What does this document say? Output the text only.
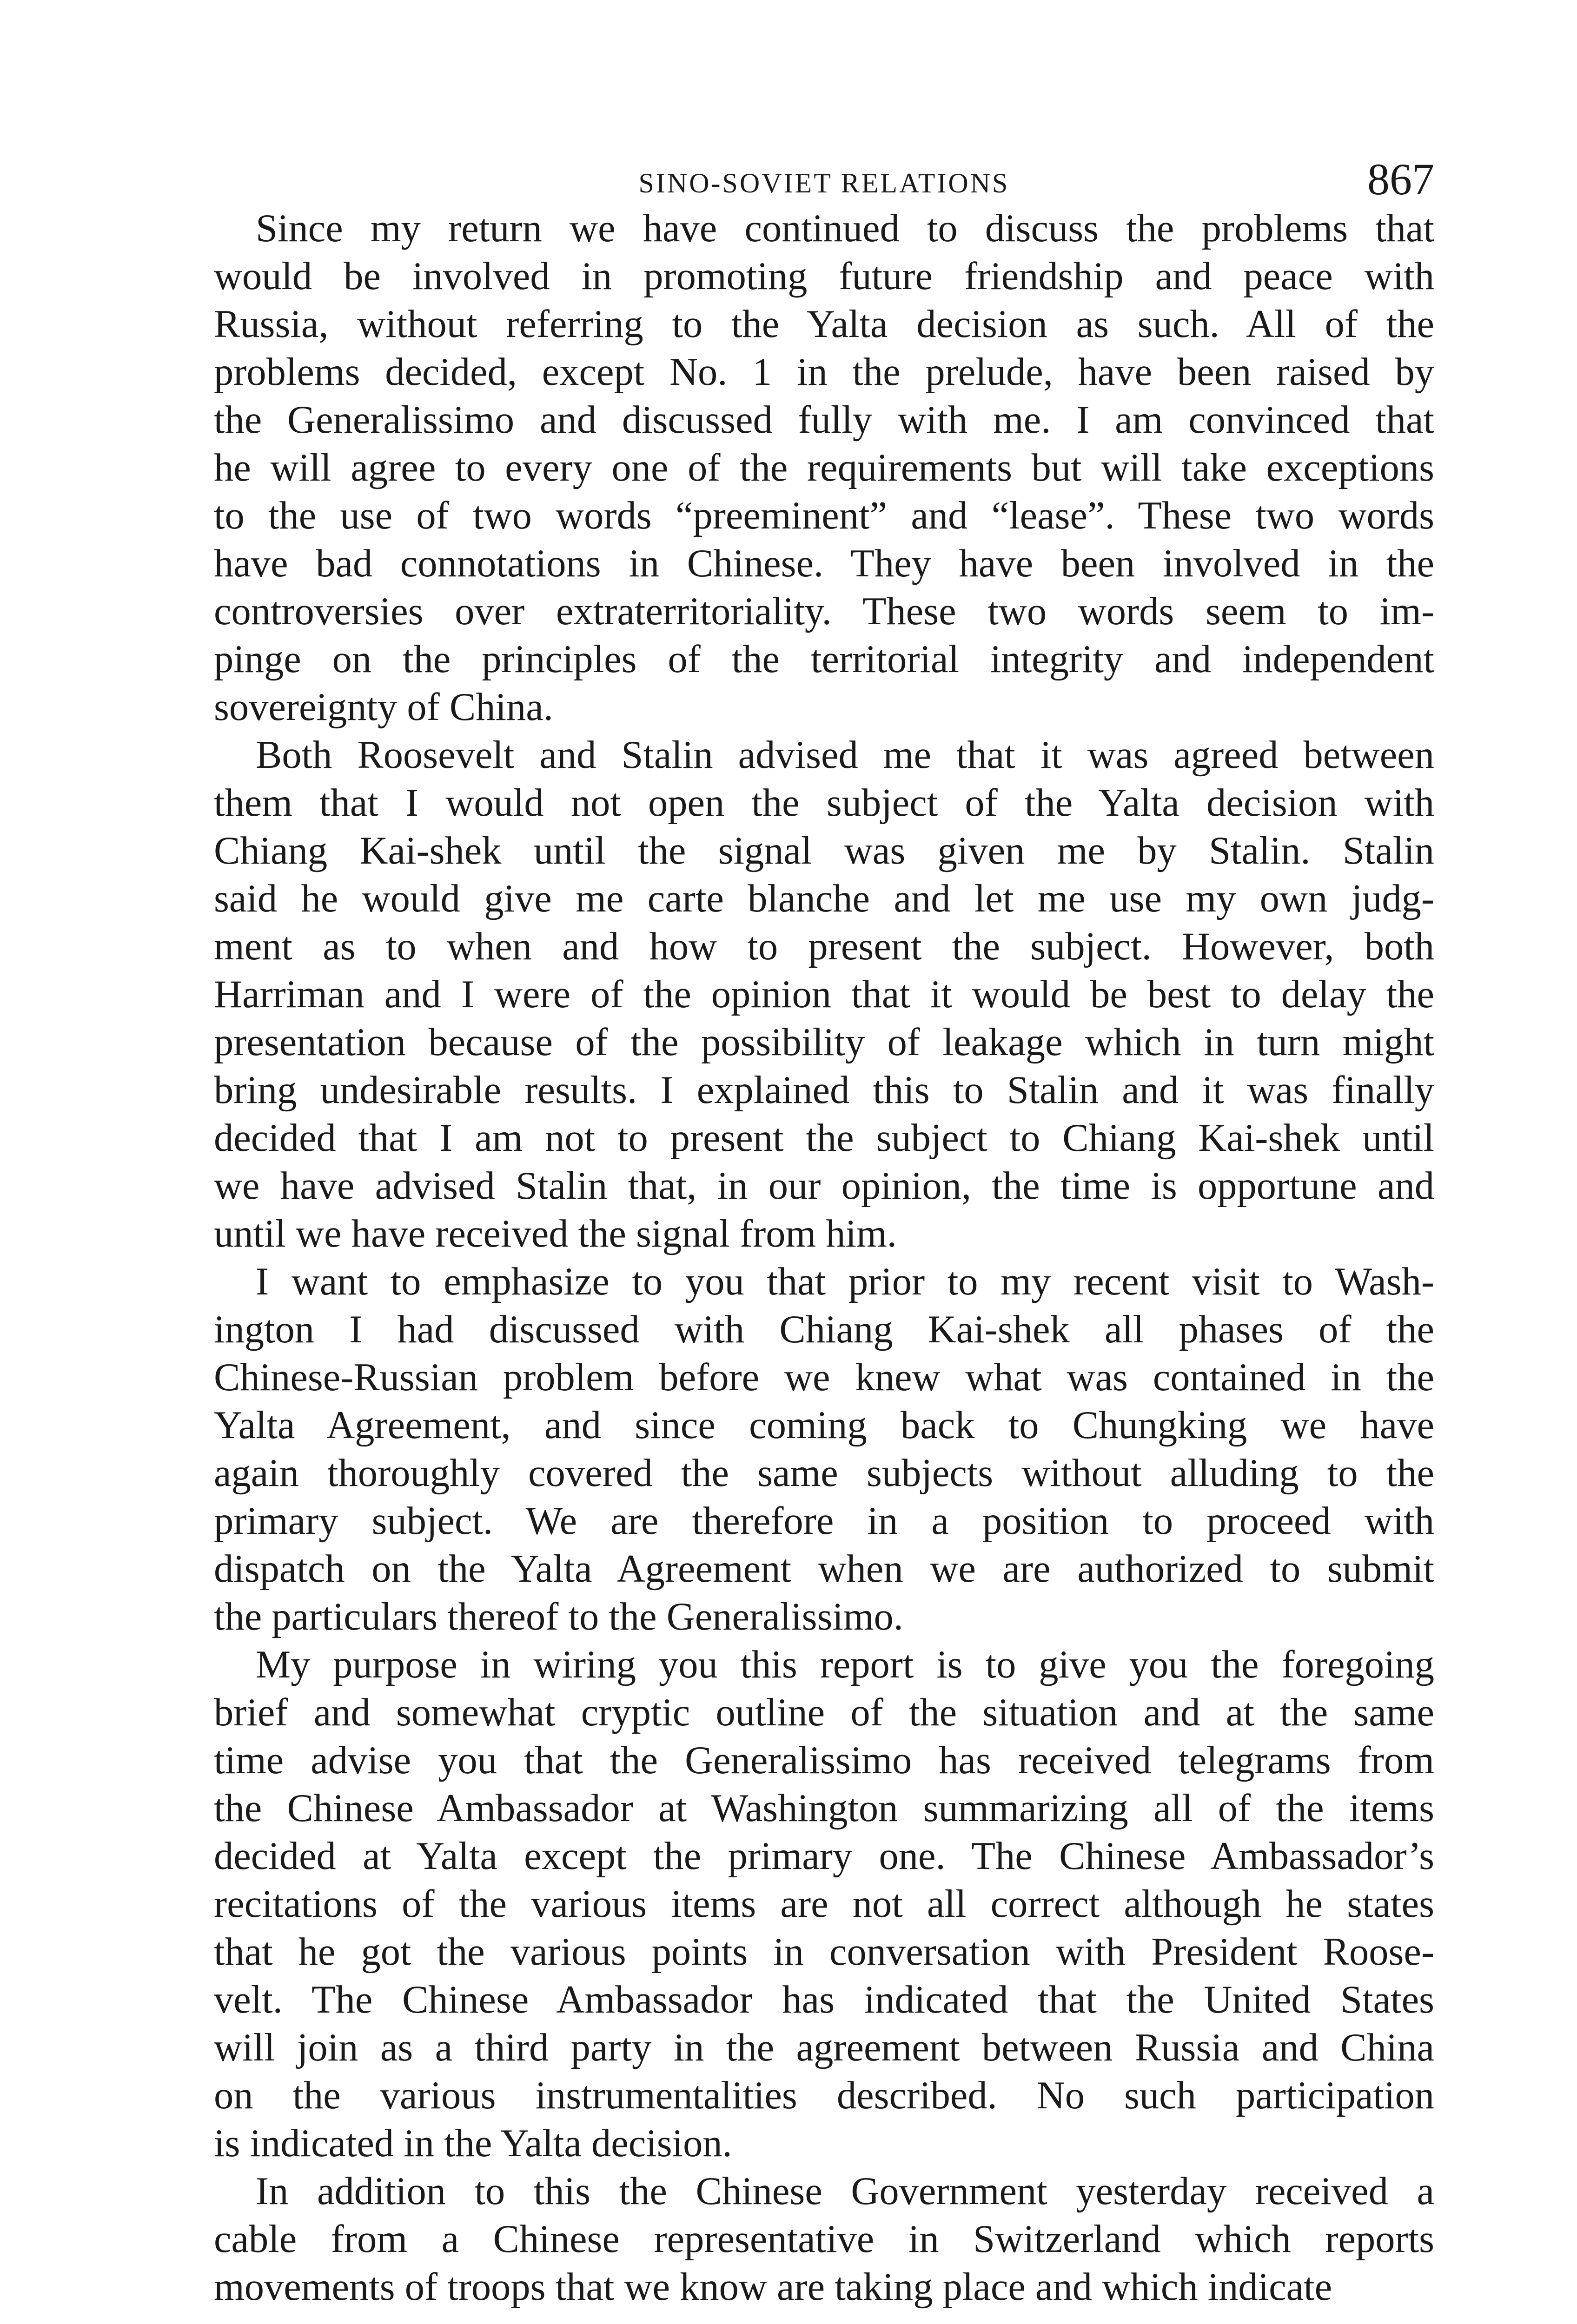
SINO-SOVIET RELATIONS	867
Since my return we have continued to discuss the problems that
would be involved in promoting future friendship and peace with
Russia, without referring to the Yalta decision as such. All of the
problems decided, except No. 1 in the prelude, have been raised by
the Generalissimo and discussed fully with me. I am convinced that
he will agree to every one of the requirements but will take exceptions
to the use of two words “preeminent” and “lease”. These two words
have bad connotations in Chinese. They have been involved in the
controversies over extraterritoriality. These two words seem to im-
pinge on the principles of the territorial integrity and independent
sovereignty of China.
Both Roosevelt and Stalin advised me that it was agreed between
them that I would not open the subject of the Yalta decision with
Chiang Kai-shek until the signal was given me by Stalin. Stalin
said he would give me carte blanche and let me use my own judg-
ment as to when and how to present the subject. However, both
Harriman and I were of the opinion that it would be best to delay the
presentation because of the possibility of leakage which in turn might
bring undesirable results. I explained this to Stalin and it was finally
decided that I am not to present the subject to Chiang Kai-shek until
we have advised Stalin that, in our opinion, the time is opportune and
until we have received the signal from him.
I want to emphasize to you that prior to my recent visit to Wash-
ington I had discussed with Chiang Kai-shek all phases of the
Chinese-Russian problem before we knew what was contained in the
Yalta Agreement, and since coming back to Chungking we have
again thoroughly covered the same subjects without alluding to the
primary subject. We are therefore in a position to proceed with
dispatch on the Yalta Agreement when we are authorized to submit
the particulars thereof to the Generalissimo.
My purpose in wiring you this report is to give you the foregoing
brief and somewhat cryptic outline of the situation and at the same
time advise you that the Generalissimo has received telegrams from
the Chinese Ambassador at Washington summarizing all of the items
decided at Yalta except the primary one. The Chinese Ambassador’s
recitations of the various items are not all correct although he states
that he got the various points in conversation with President Roose-
velt. The Chinese Ambassador has indicated that the United States
will join as a third party in the agreement between Russia and China
on the various instrumentalities described. No such participation
is indicated in the Yalta decision.
In addition to this the Chinese Government yesterday received a
cable from a Chinese representative in Switzerland which reports
movements of troops that we know are taking place and which indicate
